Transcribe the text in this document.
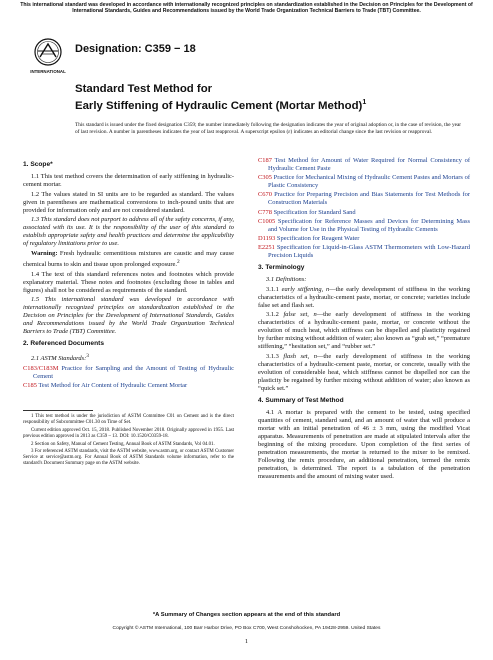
This international standard was developed in accordance with internationally recognized principles on standardization established in the Decision on Principles for the Development of International Standards, Guides and Recommendations issued by the World Trade Organization Technical Barriers to Trade (TBT) Committee.
INTERNATIONAL
Designation: C359 − 18
Standard Test Method for
Early Stiffening of Hydraulic Cement (Mortar Method)$^1$
This standard is issued under the fixed designation C359; the number immediately following the designation indicates the year of original adoption or, in the case of revision, the year of last revision. A number in parentheses indicates the year of last reapproval. A superscript epsilon (ε) indicates an editorial change since the last revision or reapproval.
1. Scope*

1.1 This test method covers the determination of early stiffening in hydraulic-cement mortar.

1.2 The values stated in SI units are to be regarded as standard. The values given in parentheses are mathematical conversions to inch-pound units that are provided for information only and are not considered standard.

1.3 This standard does not purport to address all of the safety concerns, if any, associated with its use. It is the responsibility of the user of this standard to establish appropriate safety and health practices and determine the applicability of regulatory limitations prior to use.

Warning: Fresh hydraulic cementitious mixtures are caustic and may cause chemical burns to skin and tissue upon prolonged exposure.$^2$

1.4 The text of this standard references notes and footnotes which provide explanatory material. These notes and footnotes (excluding those in tables and figures) shall not be considered as requirements of the standard.

1.5 This international standard was developed in accordance with internationally recognized principles on standardization established in the Decision on Principles for the Development of International Standards, Guides and Recommendations issued by the World Trade Organization Technical Barriers to Trade (TBT) Committee.

2. Referenced Documents

2.1 ASTM Standards:$^3$

C183/C183M Practice for Sampling and the Amount of Testing of Hydraulic Cement
C185 Test Method for Air Content of Hydraulic Cement Mortar

1 This test method is under the jurisdiction of ASTM Committee C01 on Cement and is the direct responsibility of Subcommittee C01.30 on Time of Set.

Current edition approved Oct. 15, 2018. Published November 2018. Originally approved in 1955. Last previous edition approved in 2013 as C359 – 13. DOI: 10.1520/C0359-18.

2 Section on Safety, Manual of Cement Testing, Annual Book of ASTM Standards, Vol 04.01.

3 For referenced ASTM standards, visit the ASTM website, www.astm.org, or contact ASTM Customer Service at service@astm.org. For Annual Book of ASTM Standards volume information, refer to the standard's Document Summary page on the ASTM website.

C187 Test Method for Amount of Water Required for Normal Consistency of Hydraulic Cement Paste
C305 Practice for Mechanical Mixing of Hydraulic Cement Pastes and Mortars of Plastic Consistency
C670 Practice for Preparing Precision and Bias Statements for Test Methods for Construction Materials
C778 Specification for Standard Sand
C1005 Specification for Reference Masses and Devices for Determining Mass and Volume for Use in the Physical Testing of Hydraulic Cements
D1193 Specification for Reagent Water
E2251 Specification for Liquid-in-Glass ASTM Thermometers with Low-Hazard Precision Liquids
3. Terminology

3.1 Definitions:

3.1.1 early stiffening, n—the early development of stiffness in the working characteristics of a hydraulic-cement paste, mortar, or concrete; varieties include false set and flash set.

3.1.2 false set, n—the early development of stiffness in the working characteristics of a hydraulic-cement paste, mortar, or concrete without the evolution of much heat, which stiffness can be dispelled and plasticity regained by further mixing without addition of water; also known as “grab set,” “premature stiffening,” “hesitation set,” and “rubber set.”

3.1.3 flash set, n—the early development of stiffness in the working characteristics of a hydraulic-cement paste, mortar, or concrete, usually with the evolution of considerable heat, which stiffness cannot be dispelled nor can the plasticity be regained by further mixing without addition of water; also known as “quick set.”

4. Summary of Test Method

4.1 A mortar is prepared with the cement to be tested, using specified quantities of cement, standard sand, and an amount of water that will produce a mortar with an initial penetration of 46 ± 3 mm, using the modified Vicat apparatus. Measurements of penetration are made at stipulated intervals after the beginning of the mixing procedure. Upon completion of the first series of penetration measurements, the mortar is returned to the mixer to be remixed. Following the remix procedure, an additional penetration, termed the remix penetration, is determined. The report is a tabulation of the penetration measurements and the amount of mixing water used.

*A Summary of Changes section appears at the end of this standard
Copyright © ASTM International, 100 Barr Harbor Drive, PO Box C700, West Conshohocken, PA 19428-2959. United States
1
